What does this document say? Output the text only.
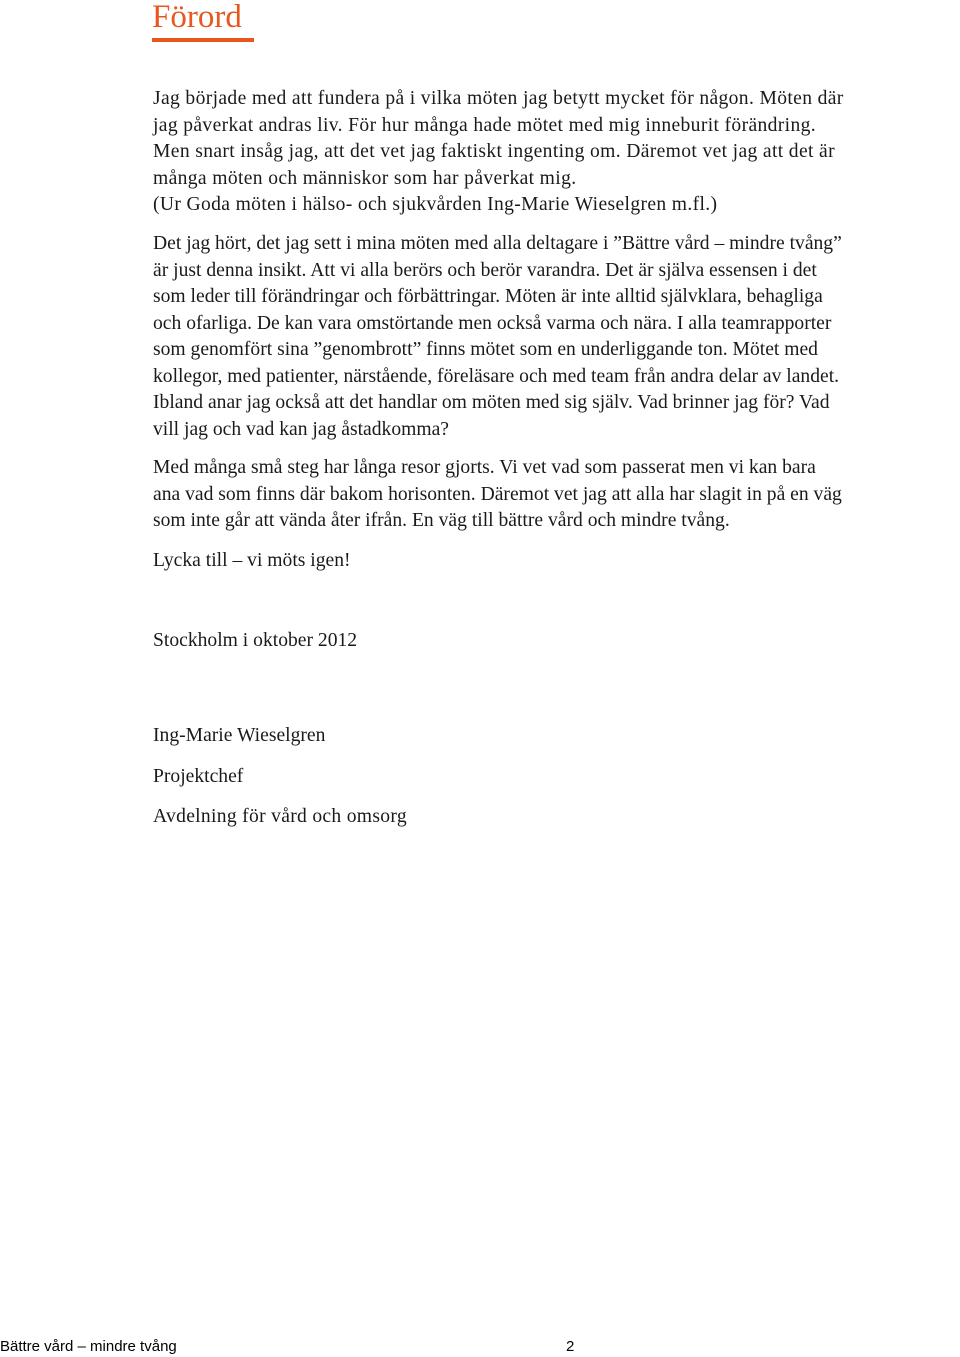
Förord

Jag började med att fundera på i vilka möten jag betytt mycket för någon. Möten där
jag påverkat andras liv. För hur många hade mötet med mig inneburit förändring.
Men snart insåg jag, att det vet jag faktiskt ingenting om. Däremot vet jag att det är
många möten och människor som har påverkat mig.
(Ur Goda möten i hälso- och sjukvården Ing-Marie Wieselgren m.fl.)

Det jag hört, det jag sett i mina möten med alla deltagare i ”Bättre vård – mindre tvång”
är just denna insikt. Att vi alla berörs och berör varandra. Det är själva essensen i det
som leder till förändringar och förbättringar. Möten är inte alltid självklara, behagliga
och ofarliga. De kan vara omstörtande men också varma och nära. I alla teamrapporter
som genomfört sina ”genombrott” finns mötet som en underliggande ton. Mötet med
kollegor, med patienter, närstående, föreläsare och med team från andra delar av landet.
Ibland anar jag också att det handlar om möten med sig själv. Vad brinner jag för? Vad
vill jag och vad kan jag åstadkomma?

Med många små steg har långa resor gjorts. Vi vet vad som passerat men vi kan bara
ana vad som finns där bakom horisonten. Däremot vet jag att alla har slagit in på en väg
som inte går att vända åter ifrån. En väg till bättre vård och mindre tvång.

Lycka till – vi möts igen!

Stockholm i oktober 2012

Ing-Marie Wieselgren

Projektchef

Avdelning för vård och omsorg

Bättre vård – mindre tvång	2
